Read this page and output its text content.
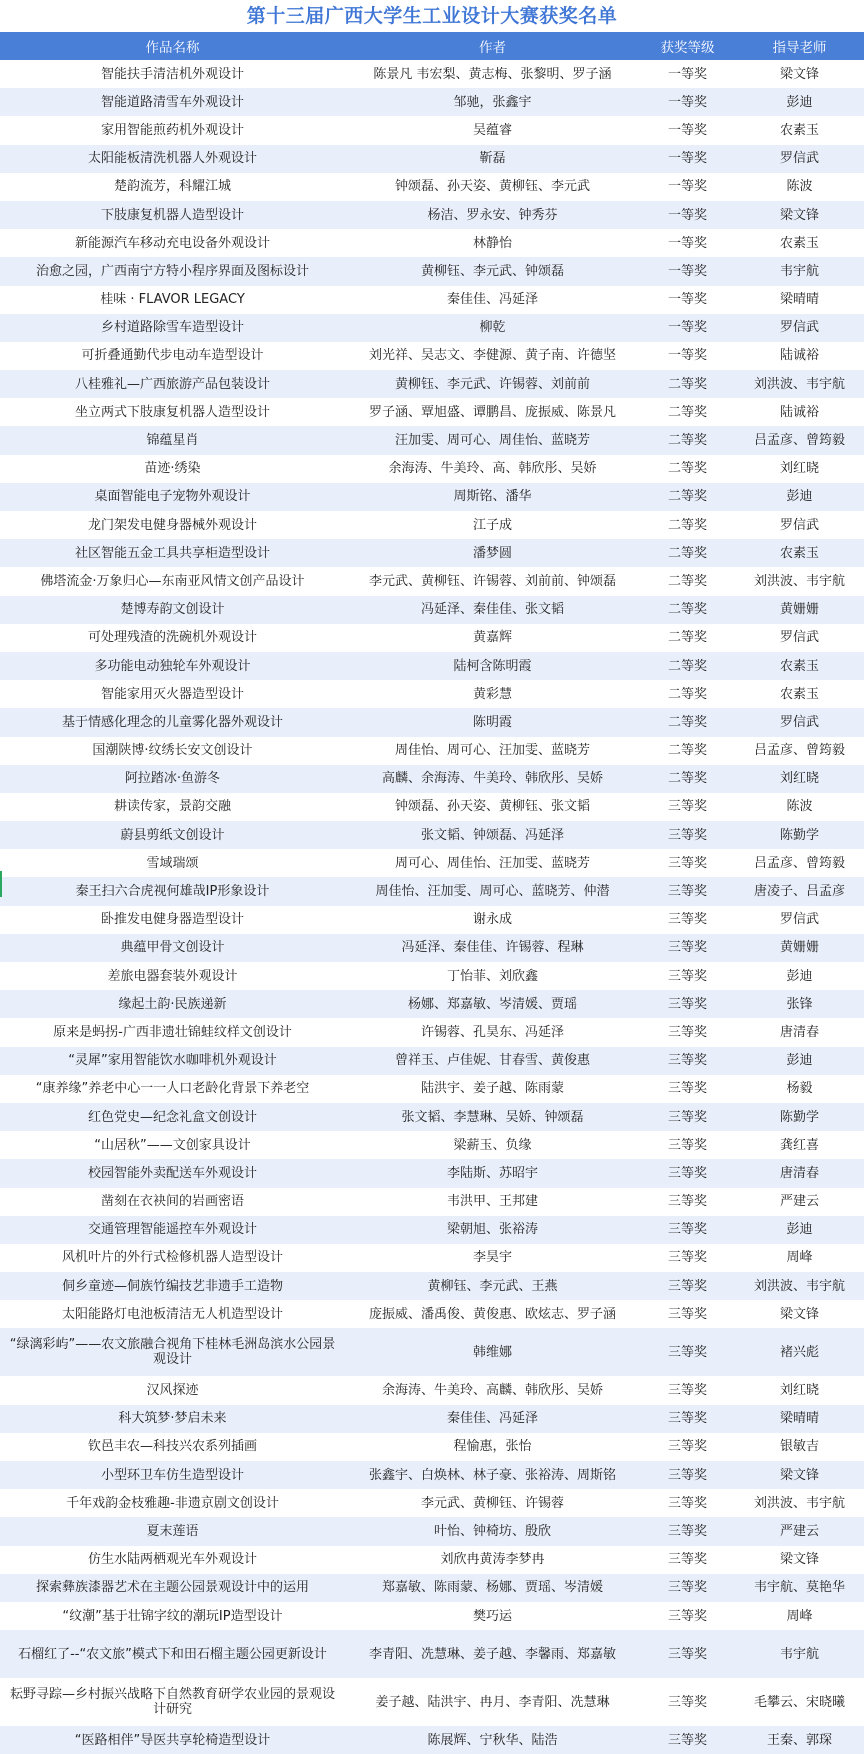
第十三届广西大学生工业设计大赛获奖名单
作品名称	作者	获奖等级	指导老师
智能扶手清洁机外观设计	陈景凡 韦宏梨、黄志梅、张黎明、罗子涵	一等奖	梁文锋
智能道路清雪车外观设计	邹驰，张鑫宇	一等奖	彭迪
家用智能煎药机外观设计	吴蕴睿	一等奖	农素玉
太阳能板清洗机器人外观设计	靳磊	一等奖	罗信武
楚韵流芳，科耀江城	钟颂磊、孙天姿、黄柳钰、李元武	一等奖	陈波
下肢康复机器人造型设计	杨洁、罗永安、钟秀芬	一等奖	梁文锋
新能源汽车移动充电设备外观设计	林静怡	一等奖	农素玉
治愈之园，广西南宁方特小程序界面及图标设计	黄柳钰、李元武、钟颂磊	一等奖	韦宇航
桂味 · FLAVOR LEGACY	秦佳佳、冯延泽	一等奖	梁晴晴
乡村道路除雪车造型设计	柳乾	一等奖	罗信武
可折叠通勤代步电动车造型设计	刘光祥、吴志文、李健源、黄子南、许德坚	一等奖	陆诚裕
八桂雅礼—广西旅游产品包装设计	黄柳钰、李元武、许锡蓉、刘前前	二等奖	刘洪波、韦宇航
坐立两式下肢康复机器人造型设计	罗子涵、覃旭盛、谭鹏昌、庞振威、陈景凡	二等奖	陆诚裕
锦蕴星肖	汪加雯、周可心、周佳怡、蓝晓芳	二等奖	吕孟彦、曾筠毅
苗迹·绣染	余海涛、牛美玲、高、韩欣彤、吴娇	二等奖	刘红晓
桌面智能电子宠物外观设计	周斯铭、潘华	二等奖	彭迪
龙门架发电健身器械外观设计	江子成	二等奖	罗信武
社区智能五金工具共享柜造型设计	潘梦圆	二等奖	农素玉
佛塔流金·万象归心—东南亚风情文创产品设计	李元武、黄柳钰、许锡蓉、刘前前、钟颂磊	二等奖	刘洪波、韦宇航
楚博寿韵文创设计	冯延泽、秦佳佳、张文韬	二等奖	黄姗姗
可处理残渣的洗碗机外观设计	黄嘉辉	二等奖	罗信武
多功能电动独轮车外观设计	陆柯含陈明霞	二等奖	农素玉
智能家用灭火器造型设计	黄彩慧	二等奖	农素玉
基于情感化理念的儿童雾化器外观设计	陈明霞	二等奖	罗信武
国潮陕博·纹绣长安文创设计	周佳怡、周可心、汪加雯、蓝晓芳	二等奖	吕孟彦、曾筠毅
阿拉踏冰·鱼游冬	高麟、余海涛、牛美玲、韩欣彤、吴娇	二等奖	刘红晓
耕读传家，景韵交融	钟颂磊、孙天姿、黄柳钰、张文韬	三等奖	陈波
蔚县剪纸文创设计	张文韬、钟颂磊、冯延泽	三等奖	陈勤学
雪域瑞颂	周可心、周佳怡、汪加雯、蓝晓芳	三等奖	吕孟彦、曾筠毅
秦王扫六合虎视何雄哉IP形象设计	周佳怡、汪加雯、周可心、蓝晓芳、仲潜	三等奖	唐凌子、吕孟彦
卧推发电健身器造型设计	谢永成	三等奖	罗信武
典蕴甲骨文创设计	冯延泽、秦佳佳、许锡蓉、程琳	三等奖	黄姗姗
差旅电器套装外观设计	丁怡菲、刘欣鑫	三等奖	彭迪
缘起土韵·民族递新	杨娜、郑嘉敏、岑清媛、贾瑶	三等奖	张锋
原来是蚂拐-广西非遗壮锦蛙纹样文创设计	许锡蓉、孔昊东、冯延泽	三等奖	唐清春
“灵犀”家用智能饮水咖啡机外观设计	曾祥玉、卢佳妮、甘春雪、黄俊惠	三等奖	彭迪
“康养缘”养老中心一一人口老龄化背景下养老空	陆洪宇、姜子越、陈雨蒙	三等奖	杨毅
红色党史—纪念礼盒文创设计	张文韬、李慧琳、吴娇、钟颂磊	三等奖	陈勤学
“山居秋”——文创家具设计	梁薪玉、负缘	三等奖	龚红喜
校园智能外卖配送车外观设计	李陆斯、苏昭宇	三等奖	唐清春
凿刻在衣袂间的岩画密语	韦洪甲、王邦建	三等奖	严建云
交通管理智能遥控车外观设计	梁朝旭、张裕涛	三等奖	彭迪
风机叶片的外行式检修机器人造型设计	李昊宇	三等奖	周峰
侗乡童迹—侗族竹编技艺非遗手工造物	黄柳钰、李元武、王燕	三等奖	刘洪波、韦宇航
太阳能路灯电池板清洁无人机造型设计	庞振威、潘禹俊、黄俊惠、欧炫志、罗子涵	三等奖	梁文锋
“绿漓彩屿”——农文旅融合视角下桂林毛洲岛滨水公园景观设计	韩维娜	三等奖	褚兴彪
汉风探迹	余海涛、牛美玲、高麟、韩欣彤、吴娇	三等奖	刘红晓
科大筑梦·梦启未来	秦佳佳、冯延泽	三等奖	梁晴晴
钦邑丰农—科技兴农系列插画	程愉惠，张怡	三等奖	银敏吉
小型环卫车仿生造型设计	张鑫宇、白焕林、林子豪、张裕涛、周斯铭	三等奖	梁文锋
千年戏韵金枝雅趣-非遗京剧文创设计	李元武、黄柳钰、许锡蓉	三等奖	刘洪波、韦宇航
夏末莲语	叶怡、钟椅坊、殷欣	三等奖	严建云
仿生水陆两栖观光车外观设计	刘欣冉黄涛李梦冉	三等奖	梁文锋
探索彝族漆器艺术在主题公园景观设计中的运用	郑嘉敏、陈雨蒙、杨娜、贾瑶、岑清媛	三等奖	韦宇航、莫艳华
“纹潮”基于壮锦字纹的潮玩IP造型设计	樊巧运	三等奖	周峰
石榴红了--“农文旅”模式下和田石榴主题公园更新设计	李青阳、冼慧琳、姜子越、李馨雨、郑嘉敏	三等奖	韦宇航
耘野寻踪—乡村振兴战略下自然教育研学农业园的景观设计研究	姜子越、陆洪宇、冉月、李青阳、冼慧琳	三等奖	毛攀云、宋晓曦
“医路相伴”导医共享轮椅造型设计	陈展辉、宁秋华、陆浩	三等奖	王秦、郭琛
